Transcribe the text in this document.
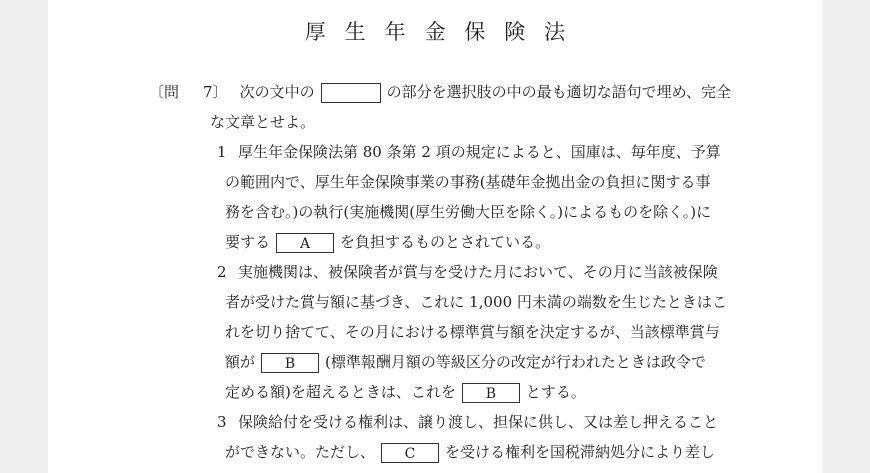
厚生年金保険法
〔問 7〕 次の文中の	の部分を選択肢の中の最も適切な語句で埋め、完全
な文章とせよ。
1 厚生年金保険法第 80 条第 2 項の規定によると、国庫は、毎年度、予算
の範囲内で、厚生年金保険事業の事務(基礎年金拠出金の負担に関する事
務を含む。)の執行(実施機関(厚生労働大臣を除く。)によるものを除く。)に
要する A を負担するものとされている。
2 実施機関は、被保険者が賞与を受けた月において、その月に当該被保険
者が受けた賞与額に基づき、これに 1,000 円未満の端数を生じたときはこ
れを切り捨てて、その月における標準賞与額を決定するが、当該標準賞与
額が B (標準報酬月額の等級区分の改定が行われたときは政令で
定める額)を超えるときは、これを B とする。
3 保険給付を受ける権利は、譲り渡し、担保に供し、又は差し押えること
ができない。ただし、 C を受ける権利を国税滞納処分により差し
